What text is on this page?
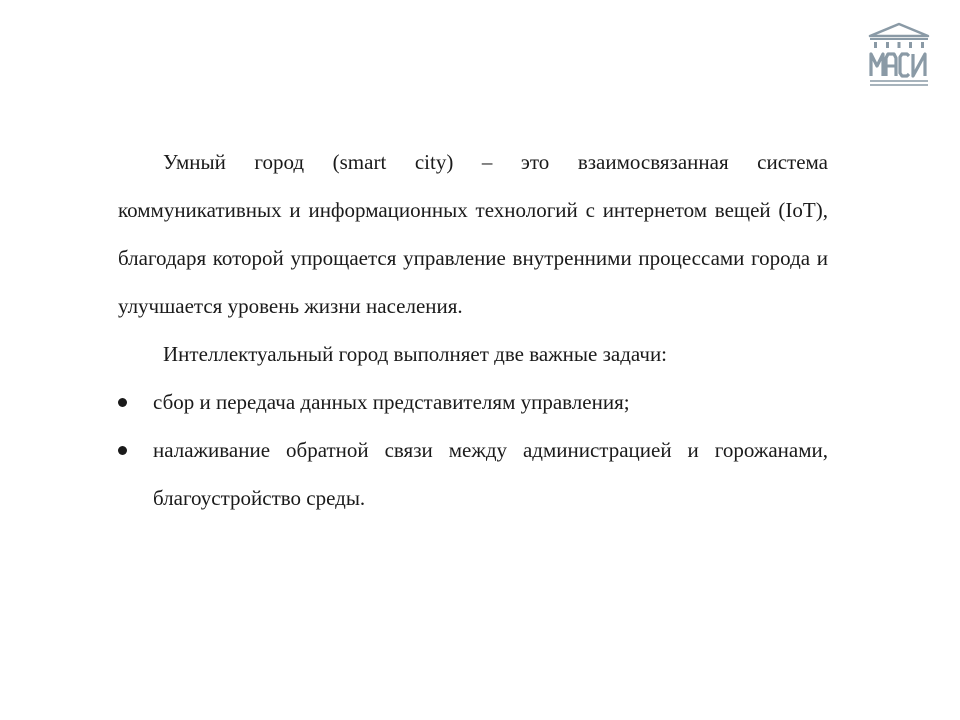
Умный город (smart city) – это взаимосвязанная система коммуникативных и информационных технологий с интернетом вещей (IoT), благодаря которой упрощается управление внутренними процессами города и улучшается уровень жизни населения.

Интеллектуальный город выполняет две важные задачи:

сбор и передача данных представителям управления;
налаживание обратной связи между администрацией и горожанами, благоустройство среды.
